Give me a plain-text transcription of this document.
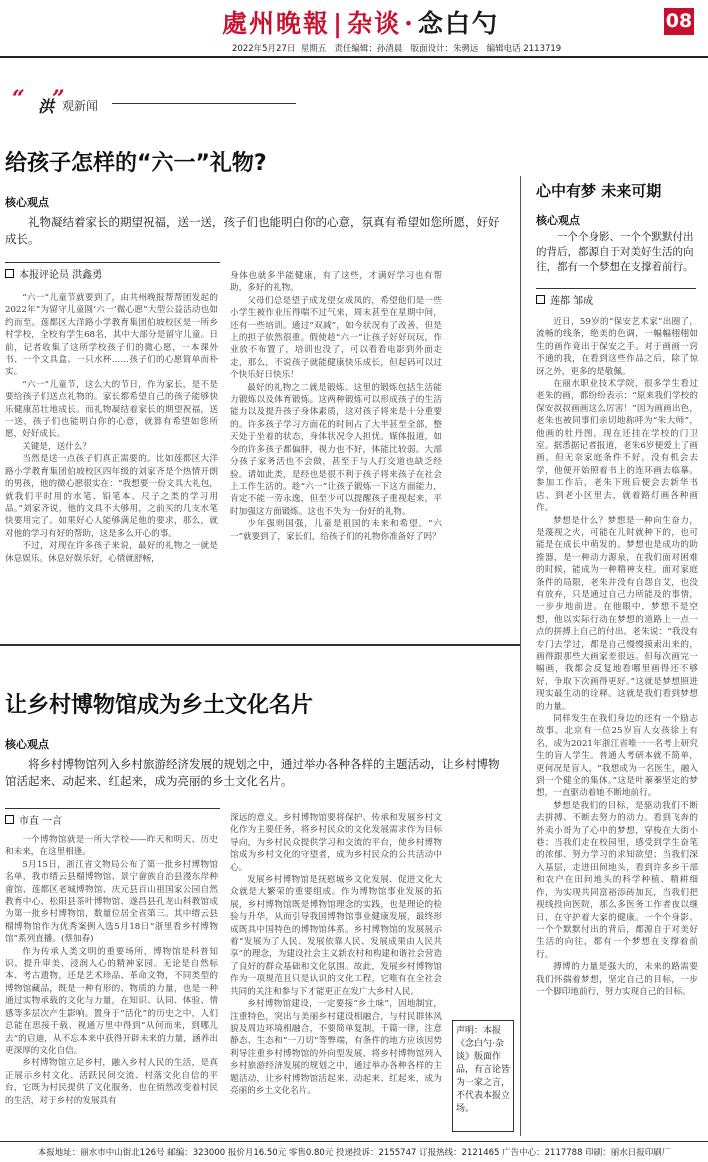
處州晚報 | 杂谈 · 念白勺	08
2022年5月27日 星期五 责任编辑：孙清晨 版面设计：朱骋远 编辑电话 2113719
“ 洪
”
观新闻
给孩子怎样的“六一”礼物?
核心观点
礼物凝结着家长的期望祝福，送一送，孩子们也能明白你的心意，氛真有希望如您所愿，好好成长。
本报评论员 洪鑫勇

“六一”儿童节就要到了，由共州晚报帮帮团发起的2022年“为留守儿童圆‘六一’微心愿”大型公益活动也如约而至。莲都区大洋路小学教育集团伯坡校区是一所乡村学校，全校有学生68名，其中大部分是留守儿童。日前，记者收集了这所学校孩子们的微心愿，一本课外书、一个文具盒、一只水杯……孩子们的心愿简单而朴实。

“六一”儿童节，这么大的节日，作为家长，是不是要给孩子们送点礼物的。家长都希望自己的孩子能够快乐健康茁壮地成长。而礼物凝结着家长的期望祝福，送一送，孩子们也能明白你的心意，就算有希望如您所愿，好好成长。

关键是，送什么？

当然是送一点孩子们真正需要的。比如莲都区大洋路小学教育集团伯坡校区四年级的刘家齐是个热情开朗的男孩，他的微心愿很实在：“我想要一份文具大礼包，就我们平时用的水笔、铅笔本、尺子之类的学习用品。”刘家齐说，他的文具不大够用，之前买的几支水笔快要用完了。如果好心人能够满足他的要求，那么，就对他的学习有好的帮助，这是多么开心的事。

不过，对现在许多孩子来说，最好的礼物之一就是休息娱乐。休息好娱乐好，心情就舒畅，

身体也就多半能健康，有了这些，才满好学习也有帮助，多好的礼物。

父母们总是望子成龙望女成凤的，希望他们是一些小学生被作业压得喘不过气来，周末甚至在星期中间，还有一些培训。通过“双减”，如今状况有了改善，但是上的担子依然很重。假使趁“六一”让孩子好好玩玩，作业放不布置了，培训也没了，可以看看电影到外面走走，那么，不说孩子就能健康快乐成长，但起码可以过个快乐好日快乐！

最好的礼物之二就是锻炼。这里的锻炼包括生活能力锻炼以及体育锻炼。这两种锻炼可以形成孩子的生活能力以及提升孩子身体素质，这对孩子将来是十分重要的。许多孩子学习方面花的时间占了大半甚至全部，整天处于坐着的状态，身体状况令人担忧。媒体报道，如今的许多孩子都偏胖，视力也不好，体能比较弱。大部分孩子家务活也不会做，甚至于与人打交道也缺乏经验。请如此类，是经也是很不利于孩子将来孩子在社会上工作生活的。趁“六一”让孩子锻炼一下这方面能力，肯定不能一劳永逸，但至少可以提醒孩子重视起来，平时加强这方面锻炼。这也不失为一份好的礼物。

少年强则国强，儿童是祖国的未来和希望。“六一”就要到了，家长们，给孩子们的礼物你准备好了吗？

让乡村博物馆成为乡土文化名片
核心观点
将乡村博物馆列入乡村旅游经济发展的规划之中，通过举办各种各样的主题活动，让乡村博物馆活起来、动起来、红起来，成为亮丽的乡土文化名片。
市直 一言

一个博物馆就是一所大学校——昨天和明天、历史和未来，在这里相逢。

5月15日，浙江省文物局公布了第一批乡村博物馆名单，我市缙云县榴博物馆、景宁畲族自治县漫东岸种畬馆、莲都区老城博物馆、庆元县百山祖国家公园自然教育中心、松阳县茶叶博物馆、遂昌县孔龙山科教馆成为第一批乡村博物馆，数量位居全省第三。其中缙云县榴博物馆作为优秀案例入选5月18日“浙里看乡村博物馆”系列直播。(蔡加春)

作为传承人类文明的重要场所，博物馆是科普知识、提升审美、浸润人心的精神家园。无论是自然标本、考古遗物，还是艺术珍品、革命文物，不同类型的博物馆藏品，既是一种有形的、物质的力量，也是一种通过实物承载的文化与力量，在知识、认同、体验、情感等多层次产生影响。置身于“活化”的历史之中，人们总能在思接千载、视通万里中得到“从何而来，到哪儿去”的启迪，从不忘本来中获得开辟未来的力量，涵养出更深厚的文化自信。

乡村博物馆立足乡村，融入乡村人民的生活，是真正展示乡村文化、活跃民间交流、村落文化自信的平台，它既为村民提供了文化服务，也在悄然改变着村民的生活，对于乡村的发展具有

深远的意义。乡村博物馆要将保护、传承和发展乡村文化作为主要任务，将乡村民众的文化发展需求作为目标导向，为乡村民众提供学习和交流的平台，使乡村博物馆成为乡村文化的守望者，成为乡村民众的公共活动中心。

发展乡村博物馆是抚慰城乡文化发展、促进文化大众就是大繁荣的重要组成。作为博物馆事业发展的拓展，乡村博物馆既是博物馆理念的实践，也是理论的检验与升华，从而引导我国博物馆事业健康发展，最终形成既具中国特色的博物馆体系。乡村博物馆的发展展示着“发展为了人民、发展依靠人民、发展成果由人民共享”的理念，为建设社会主义新农村和构建和谐社会营造了良好的群众基础和文化氛围。故此，发展乡村博物馆作为一项规范且只是认识的文化工程，它唯有在全社会共同的关注和参与下才能更正在发广大乡村人民。

乡村博物馆建设，一定要接“乡土味”，因地制宜，注重特色，突出与美丽乡村建设相融合，与村民群体风貌及周边环境相融合，不要简单复制，千篇一律，注意静态、生态和“一刀切”等弊端，有条件的地方应该因势利导注重乡村博物馆的外向型发展，将乡村博物馆列入乡村旅游经济发展的规划之中，通过举办各种各样的主题活动，让乡村博物馆活起来、动起来、红起来，成为亮丽的乡土文化名片。

声明：本报《念白勺·杂谈》版面作品，有言论皆为一家之言，不代表本报立场。
心中有梦 未来可期
核心观点
一个个身影、一个个默默付出的背后，都源自于对美好生活的向往，都有一个梦想在支撑着前行。
莲都 邹成

近日，59岁的“保安艺术家”出圈了，流畅的线条，绝美的色调，一幅幅栩栩如生的画作竟出于保安之手。对于画画一窍不通的我，在看到这些作品之后，除了惊讶之外，更多的是敬佩。

在丽水职业技术学院，很多学生看过老朱的画，都纷纷表示：“原来我们学校的保安叔叔画画这么厉害！”因为画画出色，老朱也被同事们亲切地称呼为“朱大师”，他画的牡丹图，现在还挂在学校的门卫室。据悉据记者报道，老朱6岁便爱上了画画，但无奈家庭条件不好，没有机会去学，他便开始照着书上的连环画去临摹。参加工作后，老朱下班后便会去新华书店、到老小区里去，就着路灯画各种画作。

梦想是什么？梦想是一种向生奋力，是蔑视之火，可能在儿时就种下的，也可能是在成长中萌发的。梦想也是成功的助推器，是一种动力源泉，在我们面对困难的时候，能成为一种精神支柱。面对家庭条件的局限，老朱并没有自怨自艾，也没有放弃，只是通过自己力所能及的事情，一步步地前进。在他眼中，梦想不是空想，他以实际行动在梦想的道路上一点一点的拼搏上自己的付出。老朱说：“我没有专门去学过，都是自己慢慢摸索出来的，画得跟那些大画家差很远。但每次画完一幅画，我都会反复地看哪里画得还不够好，争取下次画得更好。”这就是梦想照进现实最生动的诠释。这就是我们看到梦想的力量。

同样发生在我们身边的还有一个励志故事。北京有一位25岁盲人女孩徐上有名，成为2021年浙江省唯一一名考上研究生的盲人学生。普通人考研本就不简单，更何况是盲人。“我想成为一名医生，融入到一个健全的集体。”这是叶蓁蓁坚定的梦想，一直驱动着她不断地前行。

梦想是我们的目标，是驱动我们不断去拼搏、不断去努力的动力。看到飞奔的外卖小哥为了心中的梦想，穿梭在大街小巷；当我们走在校园里，感受到学生奋笔的浓郁、努力学习的求知欲望；当我们深入基层，走进田间地头，看到许多乡干部和农户在田间地头的科学种植、精耕细作，为实现共同富裕添砖加瓦，当我们把视线投向医院，那么多医务工作者夜以继日，在守护着大家的健康。一个个身影、一个个默默付出的背后，都源自于对美好生活的向往，都有一个梦想在支撑着前行。

搏博的力量是强大的，未来的路需要我们怀揣着梦想，坚定自己的目标，一步一个脚印地前行，努力实现自己的目标。

本报地址：丽水市中山街北126号 邮编：323000 报价月16.50元 零售0.80元 投递投诉：2155747 订报热线：2121465 广告中心：2117788 印刷：丽水日报印刷厂
